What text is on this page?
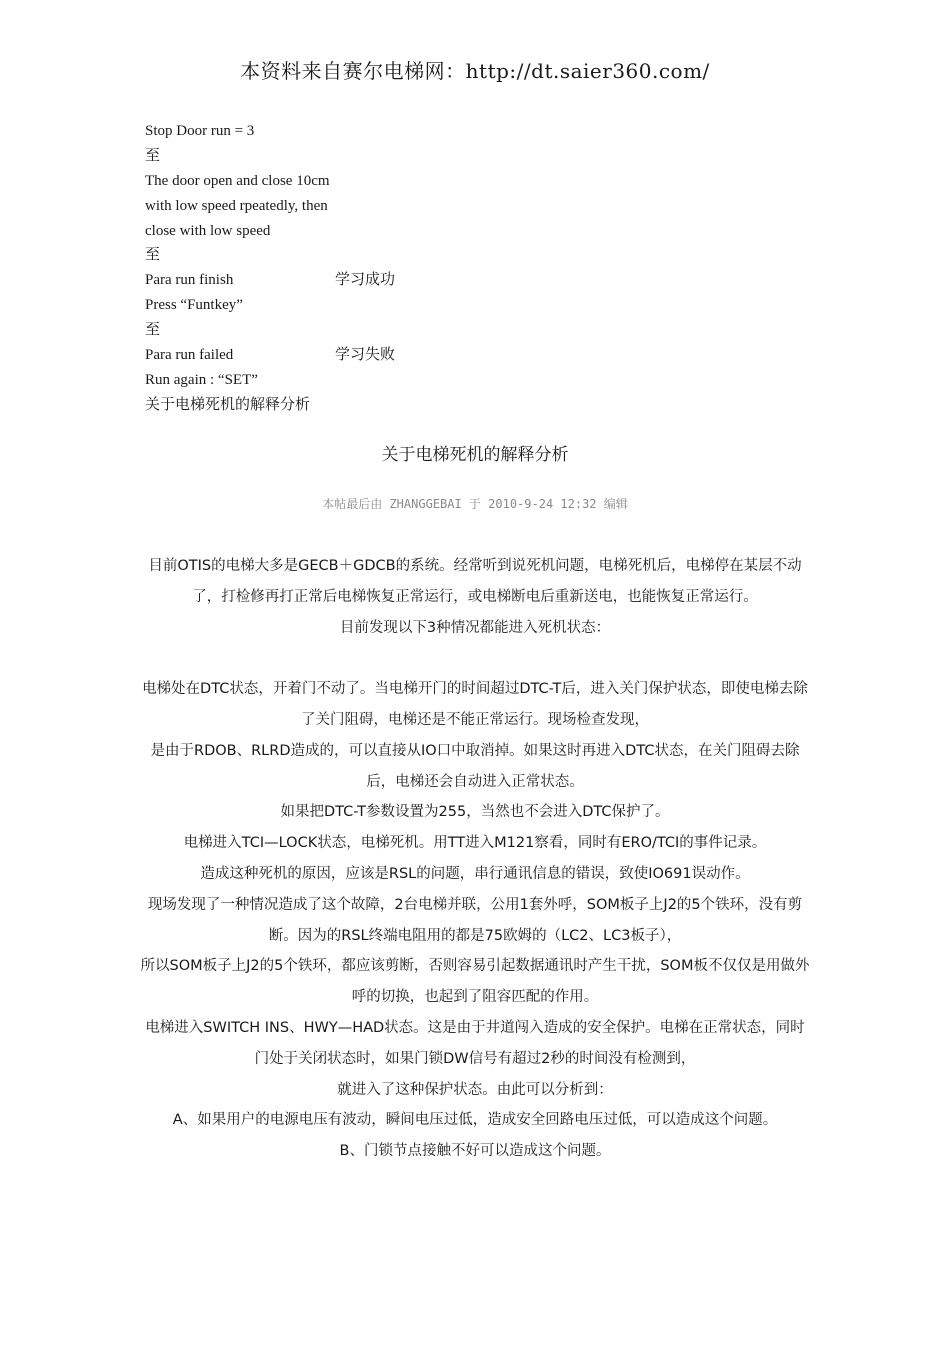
本资料来自赛尔电梯网：http://dt.saier360.com/
Stop Door run = 3
至
The door open and close 10cm
with low speed rpeatedly, then
close with low speed
至
Para run finish	学习成功
Press “Funtkey”
至
Para run failed	学习失败
Run again : “SET”
关于电梯死机的解释分析
关于电梯死机的解释分析
本帖最后由 ZHANGGEBAI 于 2010-9-24 12:32 编辑
目前OTIS的电梯大多是GECB＋GDCB的系统。经常听到说死机问题，电梯死机后，电梯停在某层不动了，打检修再打正常后电梯恢复正常运行，或电梯断电后重新送电，也能恢复正常运行。
目前发现以下3种情况都能进入死机状态：
电梯处在DTC状态，开着门不动了。当电梯开门的时间超过DTC-T后，进入关门保护状态，即使电梯去除了关门阻碍，电梯还是不能正常运行。现场检查发现，
是由于RDOB、RLRD造成的，可以直接从IO口中取消掉。如果这时再进入DTC状态，在关门阻碍去除后，电梯还会自动进入正常状态。
如果把DTC-T参数设置为255，当然也不会进入DTC保护了。
电梯进入TCI—LOCK状态，电梯死机。用TT进入M121察看，同时有ERO/TCI的事件记录。
造成这种死机的原因，应该是RSL的问题，串行通讯信息的错误，致使IO691误动作。
现场发现了一种情况造成了这个故障，2台电梯并联，公用1套外呼，SOM板子上J2的5个铁环，没有剪断。因为的RSL终端电阻用的都是75欧姆的（LC2、LC3板子），
所以SOM板子上J2的5个铁环，都应该剪断，否则容易引起数据通讯时产生干扰，SOM板不仅仅是用做外呼的切换，也起到了阻容匹配的作用。
电梯进入SWITCH INS、HWY—HAD状态。这是由于井道闯入造成的安全保护。电梯在正常状态，同时门处于关闭状态时，如果门锁DW信号有超过2秒的时间没有检测到，
就进入了这种保护状态。由此可以分析到：
A、如果用户的电源电压有波动，瞬间电压过低，造成安全回路电压过低，可以造成这个问题。
B、门锁节点接触不好可以造成这个问题。
